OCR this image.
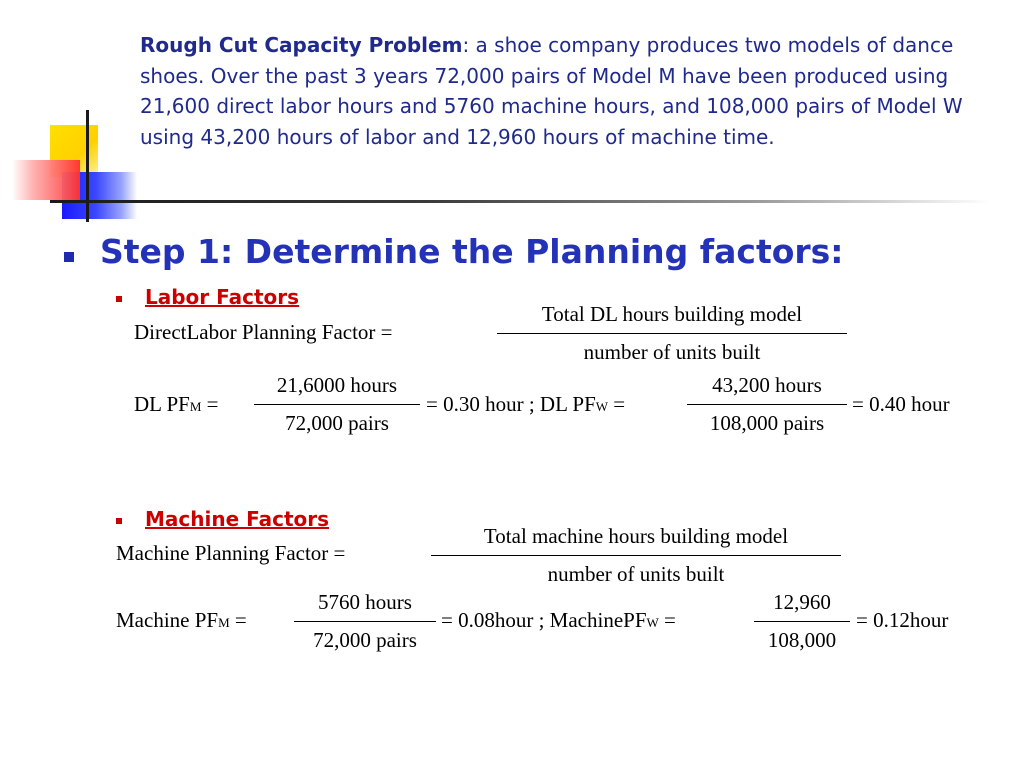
Rough Cut Capacity Problem: a shoe company produces two models of dance shoes. Over the past 3 years 72,000 pairs of Model M have been produced using 21,600 direct labor hours and 5760 machine hours, and 108,000 pairs of Model W using 43,200 hours of labor and 12,960 hours of machine time.
Step 1: Determine the Planning factors:
Labor Factors
DirectLabor Planning Factor =
Total DL hours building model
number of units built
DL PFM =
21,6000 hours
72,000 pairs
= 0.30 hour ; DL PFW =
43,200 hours
108,000 pairs
= 0.40 hour
Machine Factors
Machine Planning Factor =
Total machine hours building model
number of units built
Machine PFM =
5760 hours
72,000 pairs
= 0.08hour ; MachinePFW =	$\frac{12,960}{108,000}$ = 0.12hour
